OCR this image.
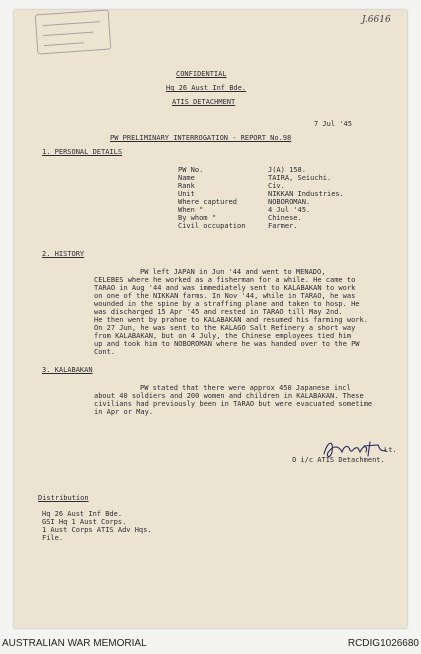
J.6616
CONFIDENTIAL
Hq 26 Aust Inf Bde.
ATIS DETACHMENT
7 Jul '45
PW PRELIMINARY INTERROGATION - REPORT No.98
1. PERSONAL DETAILS
PW No.	J(A) 158.
Name	TAIRA, Seiuchi.
Rank	Civ.
Unit	NIKKAN Industries.
Where captured	NOBOROMAN.
When "	4 Jul '45.
By whom "	Chinese.
Civil occupation	Farmer.
2. HISTORY
PW left JAPAN in Jun '44 and went to MENADO,
CELEBES where he worked as a fisherman for a while. He came to
TARAO in Aug '44 and was immediately sent to KALABAKAN to work
on one of the NIKKAN farms. In Nov '44, while in TARAO, he was
wounded in the spine by a straffing plane and taken to hosp. He
was discharged 15 Apr '45 and rested in TARAO till May 2nd.
He then went by prahoe to KALABAKAN and resumed his farming work.
On 27 Jun, he was sent to the KALAGO Salt Refinery a short way
from KALABAKAN, but on 4 July, the Chinese employees tied him
up and took him to NOBOROMAN where he was handed over to the PW
Cont.
3. KALABAKAN
PW stated that there were approx 450 Japanese incl
about 40 soldiers and 200 women and children in KALABAKAN. These
civilians had previously been in TARAO but were evacuated sometime
in Apr or May.
Lt.
O i/c ATIS Detachment.
Distribution
Hq 26 Aust Inf Bde.
GSI Hq 1 Aust Corps.
1 Aust Corps ATIS Adv Hqs.
File.
AUSTRALIAN WAR MEMORIAL	RCDIG1026680
